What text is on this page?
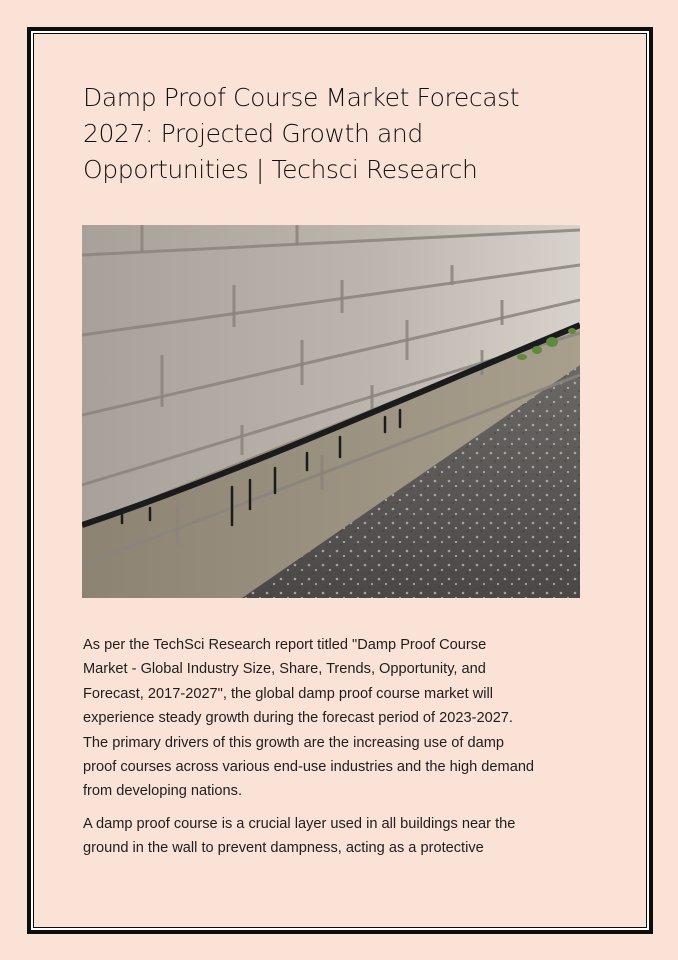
Damp Proof Course Market Forecast
2027: Projected Growth and
Opportunities | Techsci Research

As per the TechSci Research report titled "Damp Proof Course
Market - Global Industry Size, Share, Trends, Opportunity, and
Forecast, 2017-2027", the global damp proof course market will
experience steady growth during the forecast period of 2023-2027.
The primary drivers of this growth are the increasing use of damp
proof courses across various end-use industries and the high demand
from developing nations.

A damp proof course is a crucial layer used in all buildings near the
ground in the wall to prevent dampness, acting as a protective
